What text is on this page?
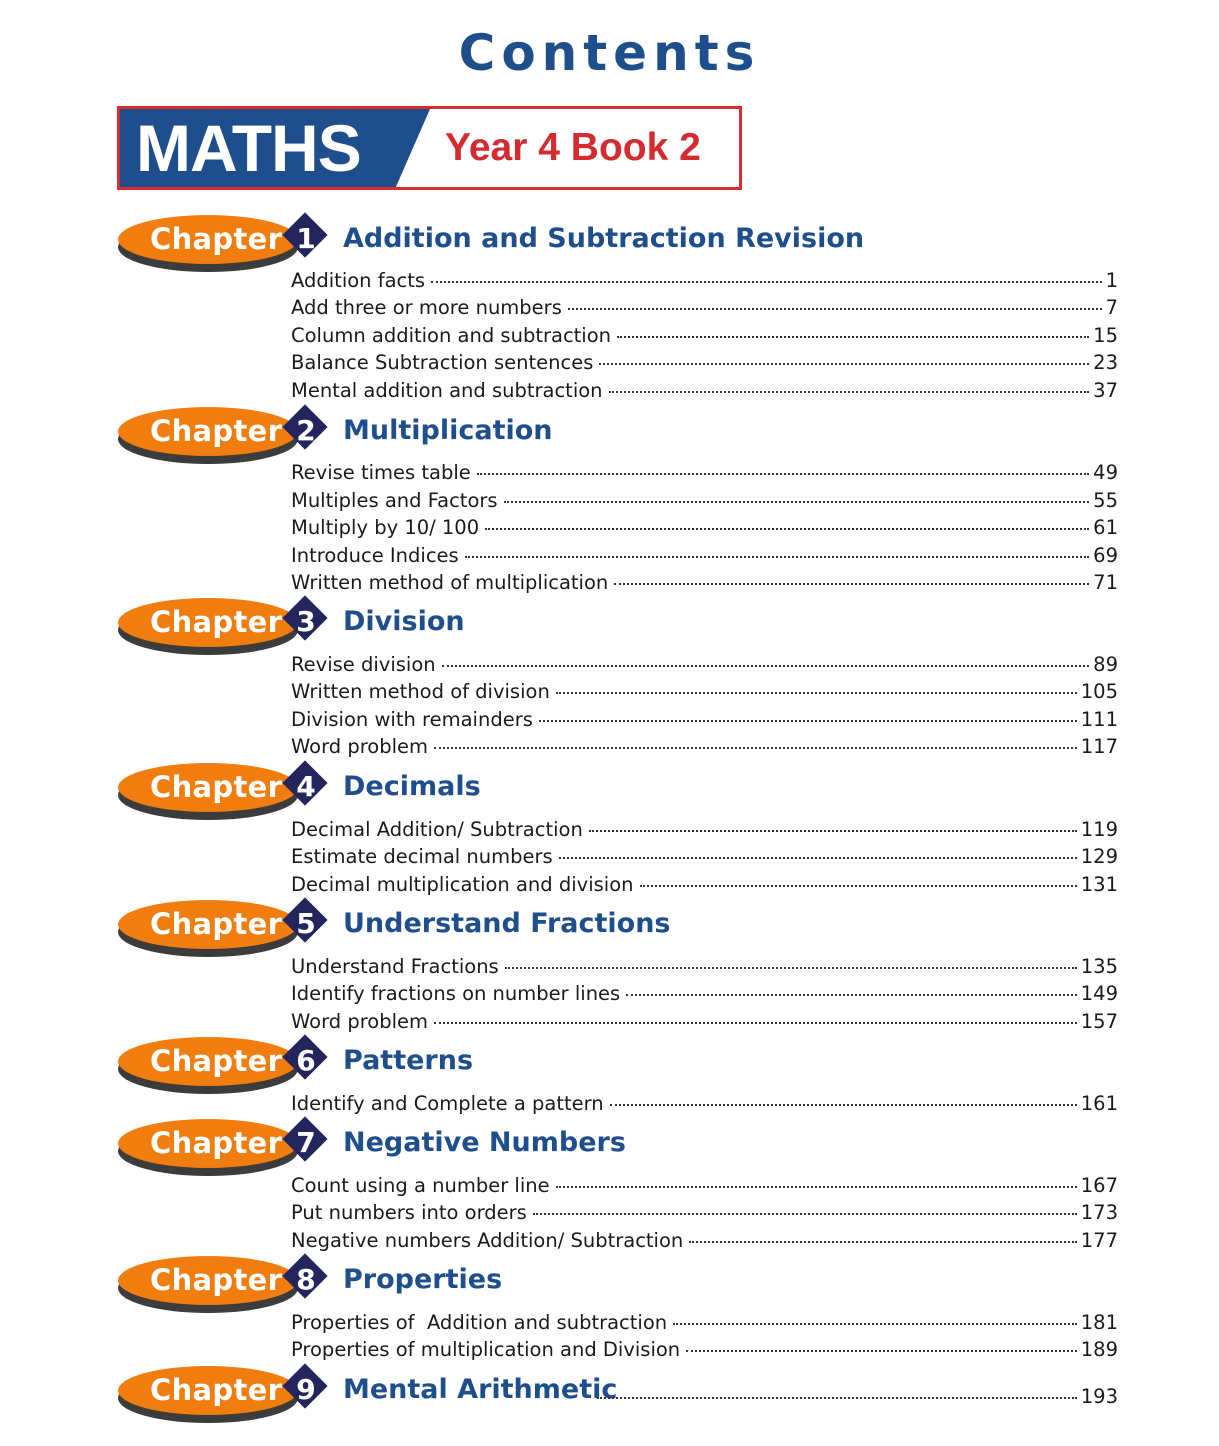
Contents
MATHS Year 4 Book 2
Chapter 1	Addition and Subtraction Revision
Addition facts	1
Add three or more numbers	7
Column addition and subtraction	15
Balance Subtraction sentences	23
Mental addition and subtraction	37
Chapter 2	Multiplication
Revise times table	49
Multiples and Factors	55
Multiply by 10/ 100	61
Introduce Indices	69
Written method of multiplication	71
Chapter 3	Division
Revise division	89
Written method of division	105
Division with remainders	111
Word problem	117
Chapter 4	Decimals
Decimal Addition/ Subtraction	119
Estimate decimal numbers	129
Decimal multiplication and division	131
Chapter 5	Understand Fractions
Understand Fractions	135
Identify fractions on number lines	149
Word problem	157
Chapter 6	Patterns
Identify and Complete a pattern	161
Chapter 7	Negative Numbers
Count using a number line	167
Put numbers into orders	173
Negative numbers Addition/ Subtraction	177
Chapter 8	Properties
Properties of  Addition and subtraction	181
Properties of multiplication and Division	189
Chapter 9	Mental Arithmetic	193
